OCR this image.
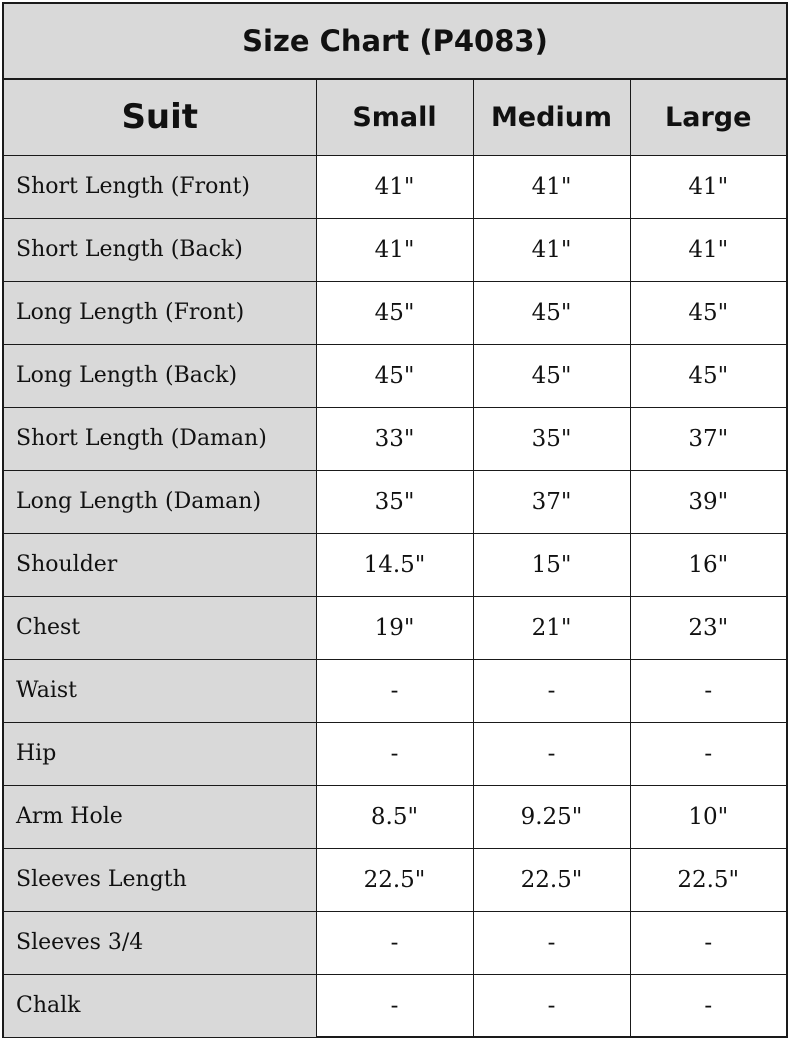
Size Chart (P4083)
Suit	Small	Medium	Large
Short Length (Front)	41"	41"	41"
Short Length (Back)	41"	41"	41"
Long Length (Front)	45"	45"	45"
Long Length (Back)	45"	45"	45"
Short Length (Daman)	33"	35"	37"
Long Length (Daman)	35"	37"	39"
Shoulder	14.5"	15"	16"
Chest	19"	21"	23"
Waist	-	-	-
Hip	-	-	-
Arm Hole	8.5"	9.25"	10"
Sleeves Length	22.5"	22.5"	22.5"
Sleeves 3/4	-	-	-
Chalk	-	-	-
